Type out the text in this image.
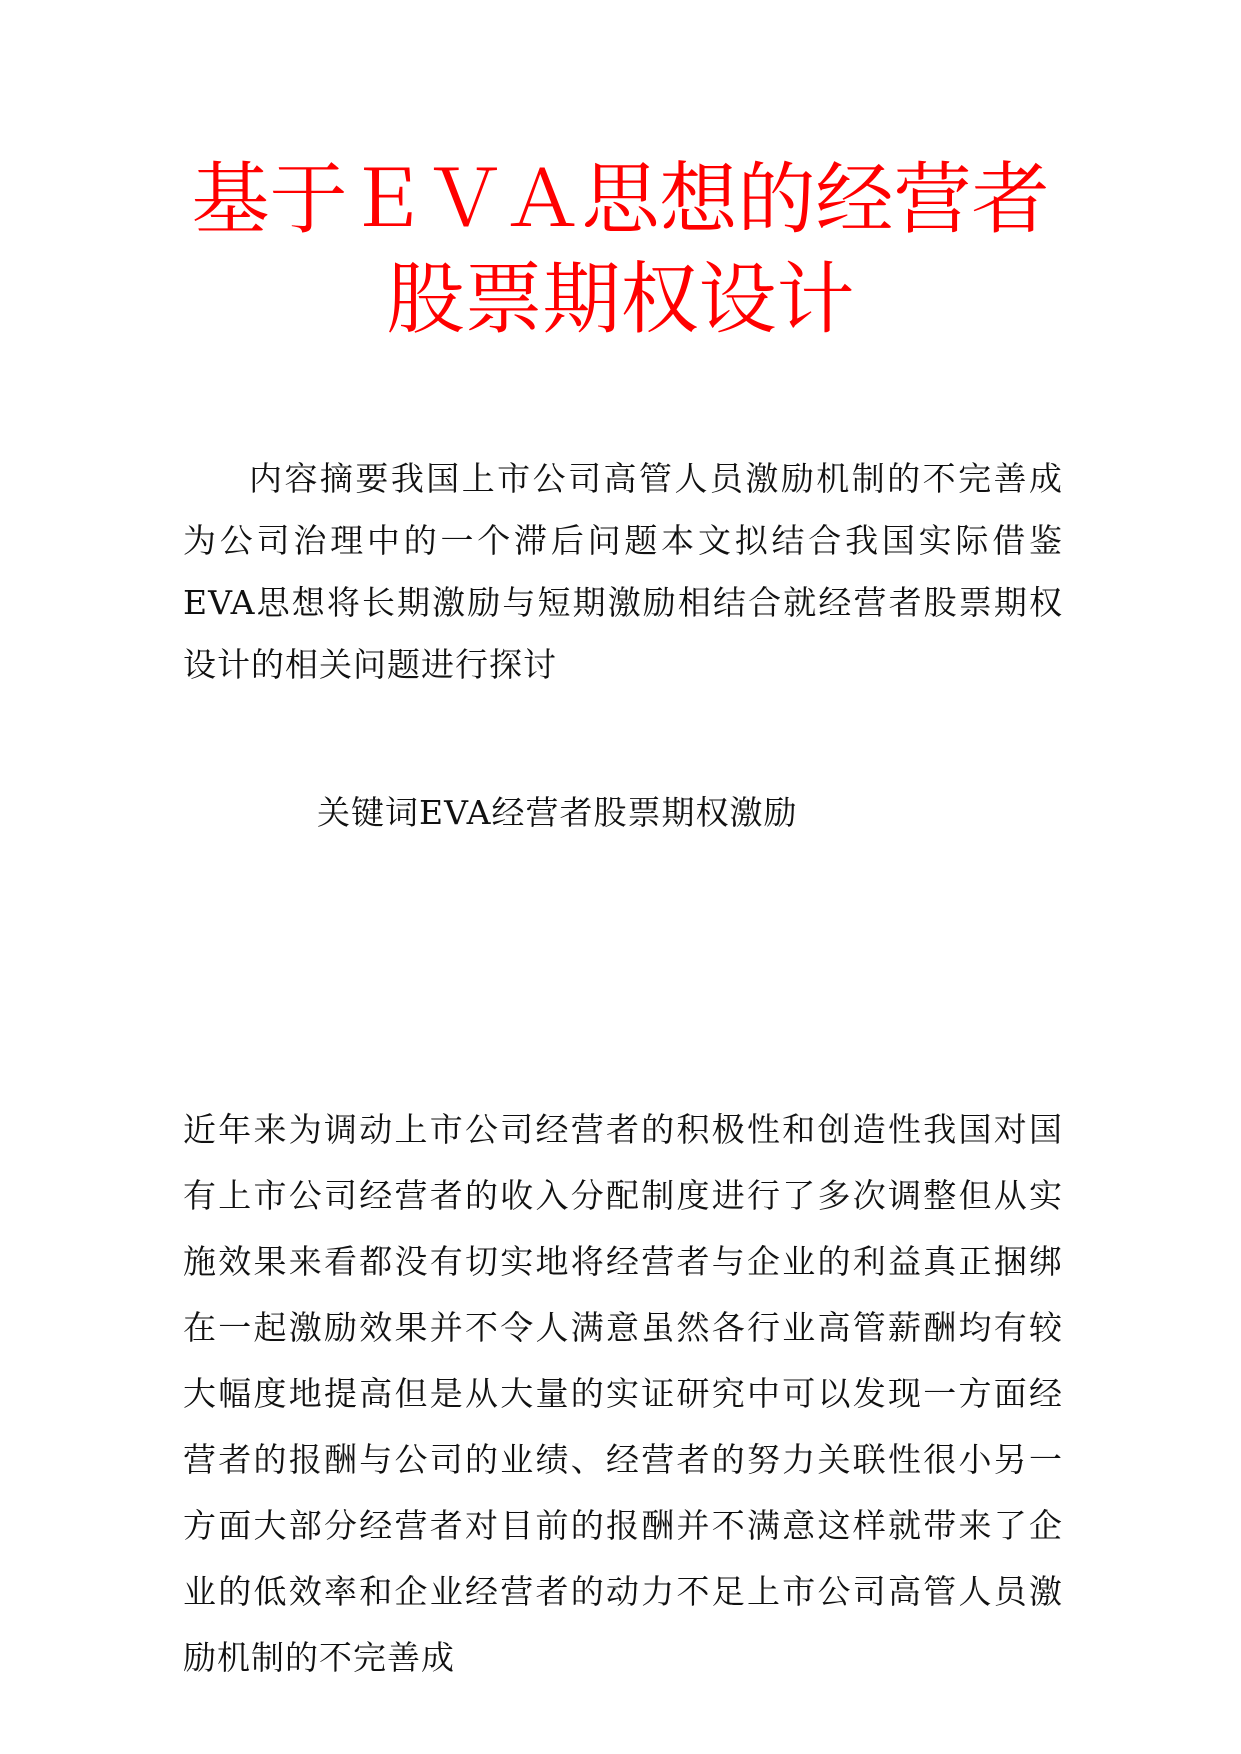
基于ＥＶＡ思想的经营者
股票期权设计

内容摘要我国上市公司高管人员激励机制的不完善成为公司治理中的一个滞后问题本文拟结合我国实际借鉴EVA思想将长期激励与短期激励相结合就经营者股票期权设计的相关问题进行探讨

关键词EVA经营者股票期权激励

近年来为调动上市公司经营者的积极性和创造性我国对国有上市公司经营者的收入分配制度进行了多次调整但从实施效果来看都没有切实地将经营者与企业的利益真正捆绑在一起激励效果并不令人满意虽然各行业高管薪酬均有较大幅度地提高但是从大量的实证研究中可以发现一方面经营者的报酬与公司的业绩、经营者的努力关联性很小另一方面大部分经营者对目前的报酬并不满意这样就带来了企业的低效率和企业经营者的动力不足上市公司高管人员激励机制的不完善成
